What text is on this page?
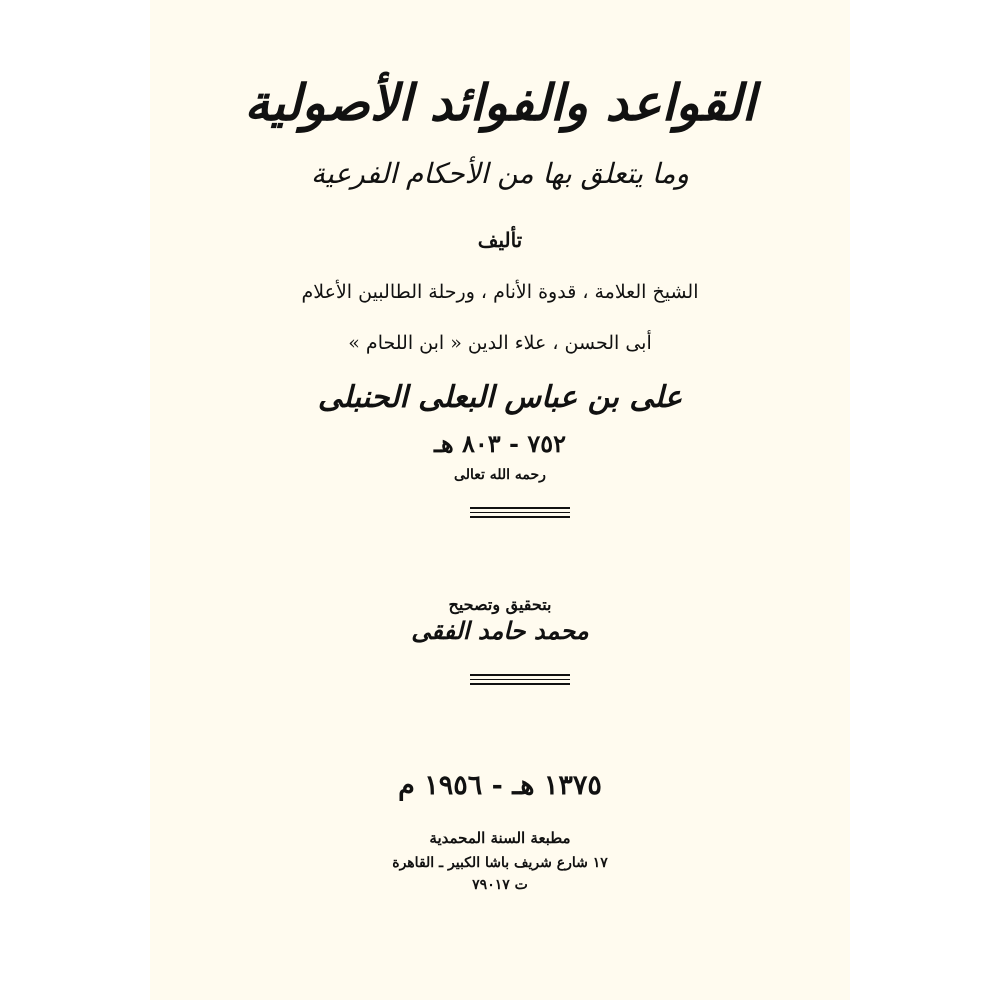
القواعد والفوائد الأصولية
وما يتعلق بها من الأحكام الفرعية
تأليف
الشيخ العلامة ، قدوة الأنام ، ورحلة الطالبين الأعلام
أبى الحسن ، علاء الدين « ابن اللحام »
على بن عباس البعلى الحنبلى
٧٥٢ - ٨٠٣ هـ
رحمه الله تعالى
بتحقيق وتصحيح
محمد حامد الفقى
١٣٧٥ هـ - ١٩٥٦ م
مطبعة السنة المحمدية
١٧ شارع شريف باشا الكبير ـ القاهرة
ت ٧٩٠١٧
